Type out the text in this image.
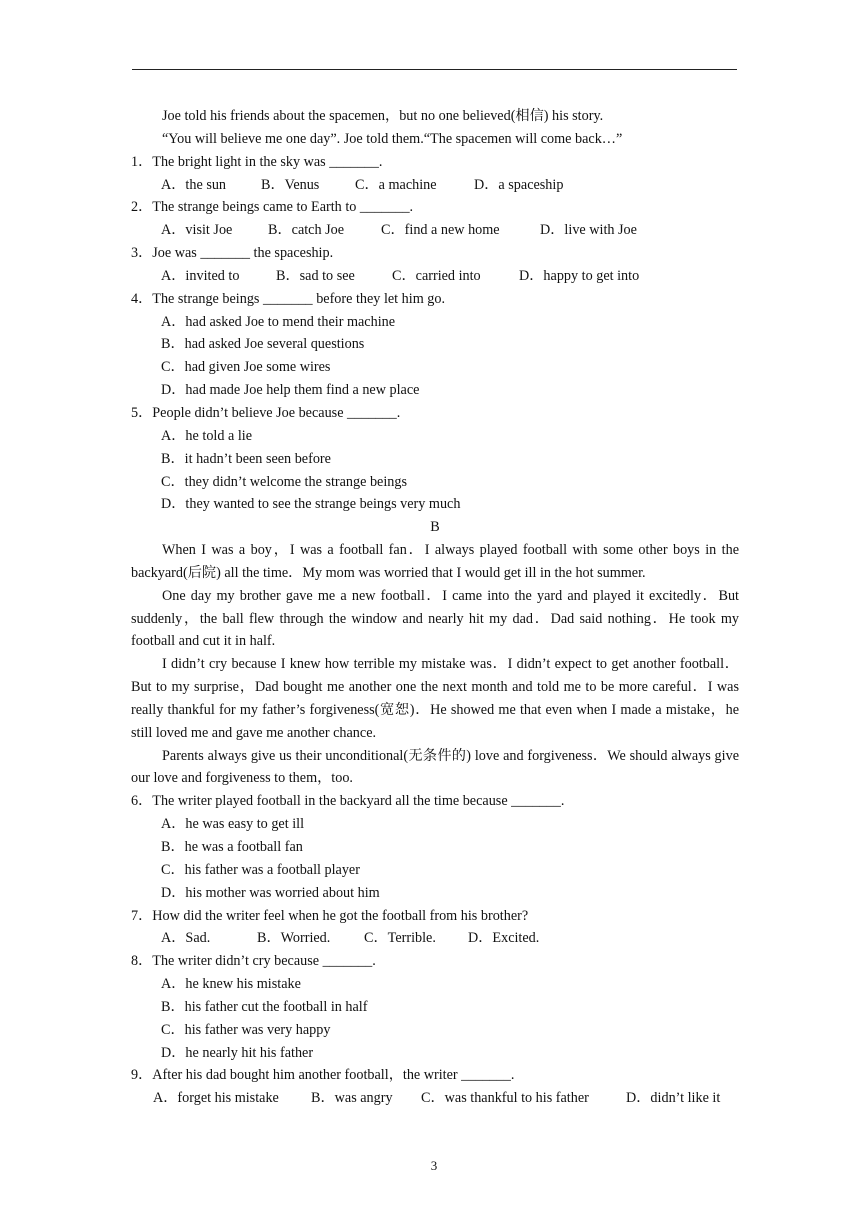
Joe told his friends about the spacemen，but no one believed(相信) his story.
“You will believe me one day”. Joe told them.“The spacemen will come back…”
1．The bright light in the sky was _______.
A．the sun	B．Venus	C．a machine	D．a spaceship
2．The strange beings came to Earth to _______.
A．visit Joe	B．catch Joe	C．find a new home	D．live with Joe
3．Joe was _______ the spaceship.
A．invited to	B．sad to see	C．carried into	D．happy to get into
4．The strange beings _______ before they let him go.
A．had asked Joe to mend their machine
B．had asked Joe several questions
C．had given Joe some wires
D．had made Joe help them find a new place
5．People didn’t believe Joe because _______.
A．he told a lie
B．it hadn’t been seen before
C．they didn’t welcome the strange beings
D．they wanted to see the strange beings very much
B

When I was a boy，I was a football fan．I always played football with some other boys in the backyard(后院) all the time．My mom was worried that I would get ill in the hot summer.

One day my brother gave me a new football．I came into the yard and played it excitedly．But suddenly，the ball flew through the window and nearly hit my dad．Dad said nothing．He took my football and cut it in half.

I didn’t cry because I knew how terrible my mistake was．I didn’t expect to get another football．But to my surprise，Dad bought me another one the next month and told me to be more careful．I was really thankful for my father’s forgiveness(宽恕)．He showed me that even when I made a mistake，he still loved me and gave me another chance.

Parents always give us their unconditional(无条件的) love and forgiveness．We should always give our love and forgiveness to them，too.

6．The writer played football in the backyard all the time because _______.
A．he was easy to get ill
B．he was a football fan
C．his father was a football player
D．his mother was worried about him
7．How did the writer feel when he got the football from his brother?
A．Sad.	B．Worried.	C．Terrible.	D．Excited.
8．The writer didn’t cry because _______.
A．he knew his mistake
B．his father cut the football in half
C．his father was very happy
D．he nearly hit his father
9．After his dad bought him another football，the writer _______.
A．forget his mistake	B．was angry	C．was thankful to his father	D．didn’t like it
3
